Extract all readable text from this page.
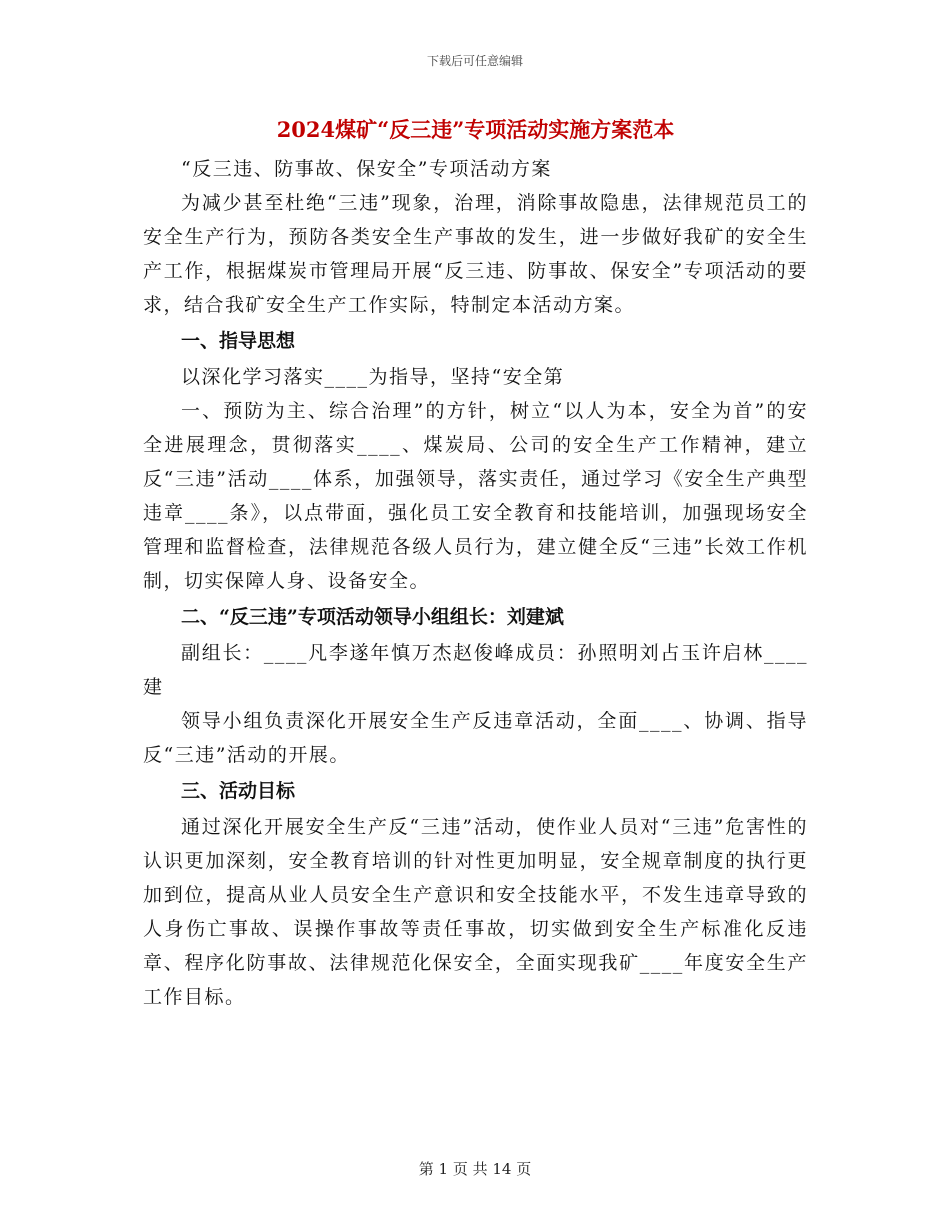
下载后可任意编辑
2024煤矿“反三违”专项活动实施方案范本

“反三违、防事故、保安全”专项活动方案

为减少甚至杜绝“三违”现象，治理，消除事故隐患，法律规范员工的安全生产行为，预防各类安全生产事故的发生，进一步做好我矿的安全生产工作，根据煤炭市管理局开展“反三违、防事故、保安全”专项活动的要求，结合我矿安全生产工作实际，特制定本活动方案。

一、指导思想

以深化学习落实____为指导，坚持“安全第

一、预防为主、综合治理”的方针，树立“以人为本，安全为首”的安全进展理念，贯彻落实____、煤炭局、公司的安全生产工作精神，建立反“三违”活动____体系，加强领导，落实责任，通过学习《安全生产典型违章____条》，以点带面，强化员工安全教育和技能培训，加强现场安全管理和监督检查，法律规范各级人员行为，建立健全反“三违”长效工作机制，切实保障人身、设备安全。

二、“反三违”专项活动领导小组组长：刘建斌

副组长：____凡李遂年慎万杰赵俊峰成员：孙照明刘占玉许启林____建

领导小组负责深化开展安全生产反违章活动，全面____、协调、指导反“三违”活动的开展。

三、活动目标

通过深化开展安全生产反“三违”活动，使作业人员对“三违”危害性的认识更加深刻，安全教育培训的针对性更加明显，安全规章制度的执行更加到位，提高从业人员安全生产意识和安全技能水平，不发生违章导致的人身伤亡事故、误操作事故等责任事故，切实做到安全生产标准化反违章、程序化防事故、法律规范化保安全，全面实现我矿____年度安全生产工作目标。

第 1 页 共 14 页
